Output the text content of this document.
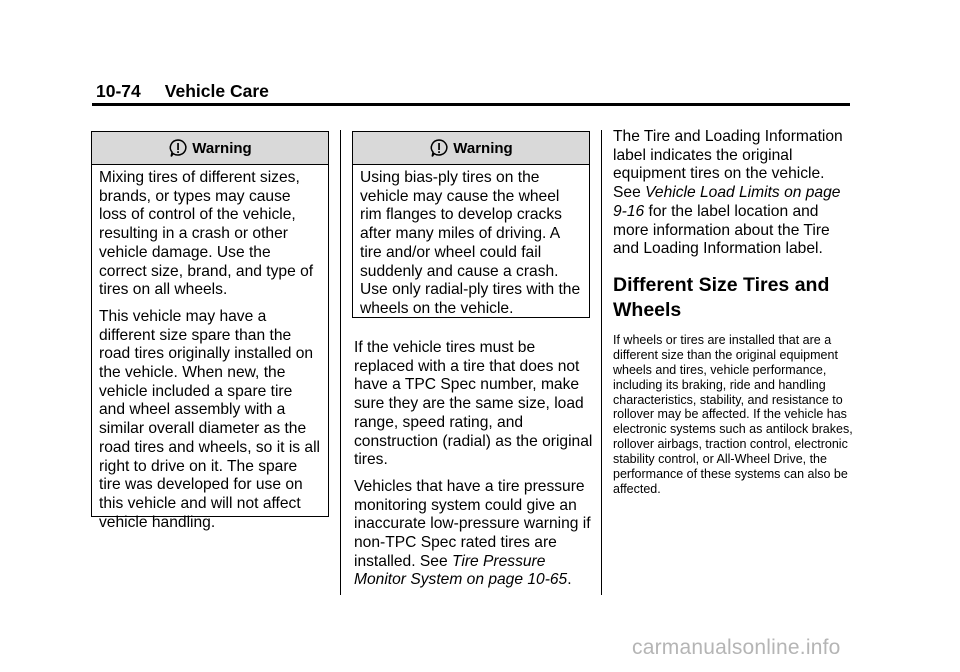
10-74 Vehicle Care
Warning

Mixing tires of different sizes, brands, or types may cause loss of control of the vehicle, resulting in a crash or other vehicle damage. Use the correct size, brand, and type of tires on all wheels.

This vehicle may have a different size spare than the road tires originally installed on the vehicle. When new, the vehicle included a spare tire and wheel assembly with a similar overall diameter as the road tires and wheels, so it is all right to drive on it. The spare tire was developed for use on this vehicle and will not affect vehicle handling.

Warning

Using bias-ply tires on the vehicle may cause the wheel rim flanges to develop cracks after many miles of driving. A tire and/or wheel could fail suddenly and cause a crash. Use only radial-ply tires with the wheels on the vehicle.

If the vehicle tires must be replaced with a tire that does not have a TPC Spec number, make sure they are the same size, load range, speed rating, and construction (radial) as the original tires.

Vehicles that have a tire pressure monitoring system could give an inaccurate low-pressure warning if non-TPC Spec rated tires are installed. See Tire Pressure Monitor System on page 10-65.

The Tire and Loading Information label indicates the original equipment tires on the vehicle. See Vehicle Load Limits on page 9-16 for the label location and more information about the Tire and Loading Information label.

Different Size Tires and Wheels

If wheels or tires are installed that are a different size than the original equipment wheels and tires, vehicle performance, including its braking, ride and handling characteristics, stability, and resistance to rollover may be affected. If the vehicle has electronic systems such as antilock brakes, rollover airbags, traction control, electronic stability control, or All-Wheel Drive, the performance of these systems can also be affected.

carmanualsonline.info
